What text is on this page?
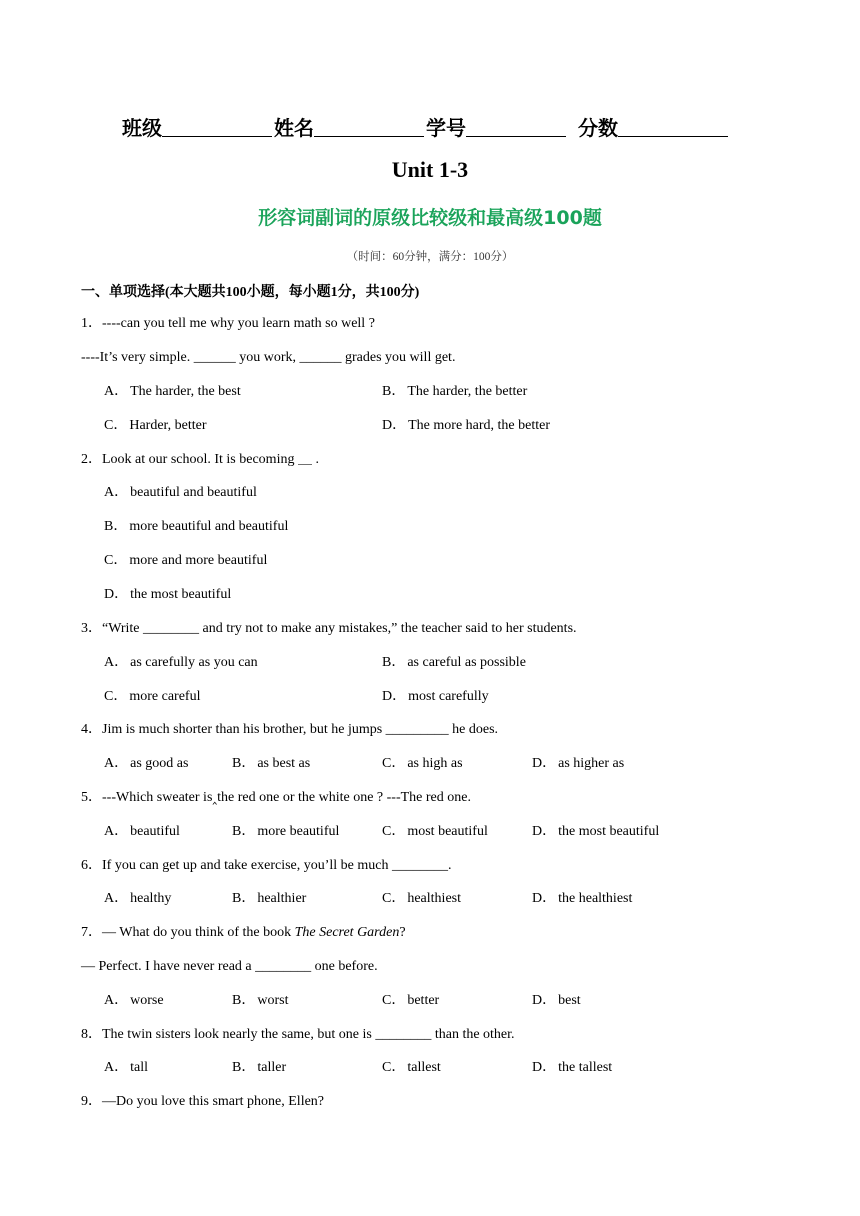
班级	姓名	学号	分数
Unit 1-3
形容词副词的原级比较级和最高级100题
（时间：60分钟，满分：100分）
一、单项选择(本大题共100小题，每小题1分，共100分)
1．----can you tell me why you learn math so well ?
----It’s very simple. ______ you work, ______ grades you will get.
A． The harder, the best	B． The harder, the better
C． Harder, better	D． The more hard, the better
2．Look at our school. It is becoming ＿ .
A． beautiful and beautiful
B． more beautiful and beautiful
C． more and more beautiful
D． the most beautiful
3．“Write ________ and try not to make any mistakes,” the teacher said to her students.
A． as carefully as you can	B． as careful as possible
C． more careful	D． most carefully
4．Jim is much shorter than his brother, but he jumps _________ he does.
A． as good as	B． as best as	C． as high as	D． as higher as
5．---Which sweater is‸the red one or the white one ? ---The red one.
A． beautiful	B． more beautiful	C． most beautiful	D． the most beautiful
6．If you can get up and take exercise, you’ll be much ________.
A． healthy	B． healthier	C． healthiest	D． the healthiest
7．— What do you think of the book The Secret Garden?
— Perfect. I have never read a ________ one before.
A． worse	B． worst	C． better	D． best
8．The twin sisters look nearly the same, but one is ________ than the other.
A． tall	B． taller	C． tallest	D． the tallest
9．—Do you love this smart phone, Ellen?
